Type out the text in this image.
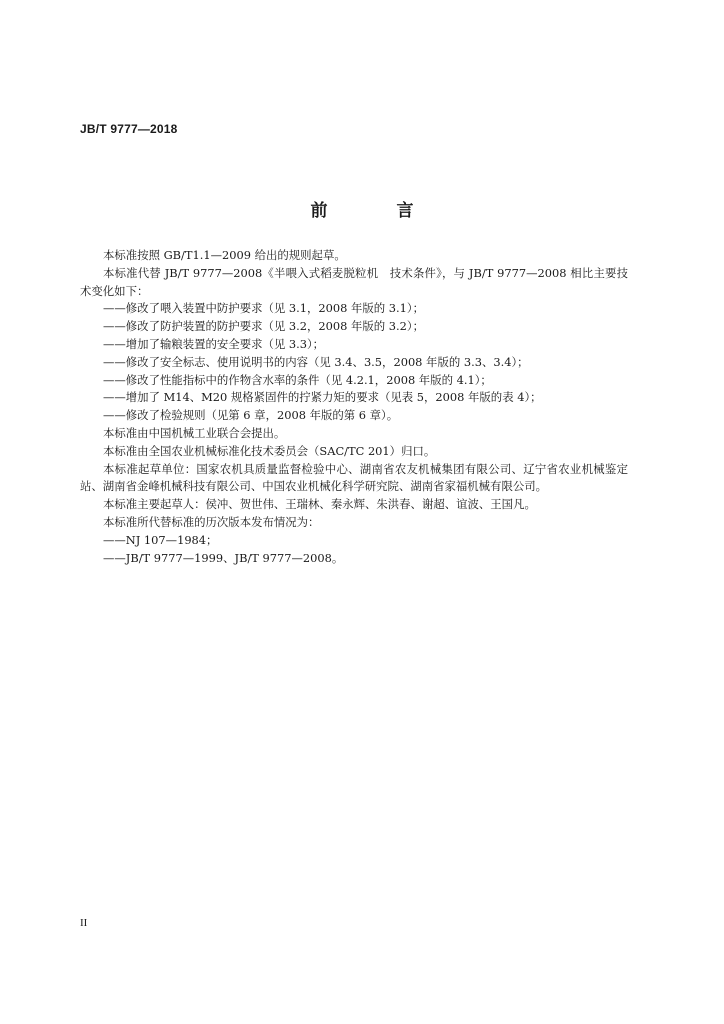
JB/T 9777—2018
前　言

本标准按照 GB/T1.1—2009 给出的规则起草。

本标准代替 JB/T 9777—2008《半喂入式稻麦脱粒机　技术条件》，与 JB/T 9777—2008 相比主要技术变化如下：

——修改了喂入装置中防护要求（见 3.1，2008 年版的 3.1）；

——修改了防护装置的防护要求（见 3.2，2008 年版的 3.2）；

——增加了输粮装置的安全要求（见 3.3）；

——修改了安全标志、使用说明书的内容（见 3.4、3.5，2008 年版的 3.3、3.4）；

——修改了性能指标中的作物含水率的条件（见 4.2.1，2008 年版的 4.1）；

——增加了 M14、M20 规格紧固件的拧紧力矩的要求（见表 5，2008 年版的表 4）；

——修改了检验规则（见第 6 章，2008 年版的第 6 章）。

本标准由中国机械工业联合会提出。

本标准由全国农业机械标准化技术委员会（SAC/TC 201）归口。

本标准起草单位：国家农机具质量监督检验中心、湖南省农友机械集团有限公司、辽宁省农业机械鉴定站、湖南省金峰机械科技有限公司、中国农业机械化科学研究院、湖南省家福机械有限公司。

本标准主要起草人：侯冲、贺世伟、王瑞林、秦永辉、朱洪春、谢超、谊波、王国凡。

本标准所代替标准的历次版本发布情况为：

——NJ 107—1984；

——JB/T 9777—1999、JB/T 9777—2008。

II
